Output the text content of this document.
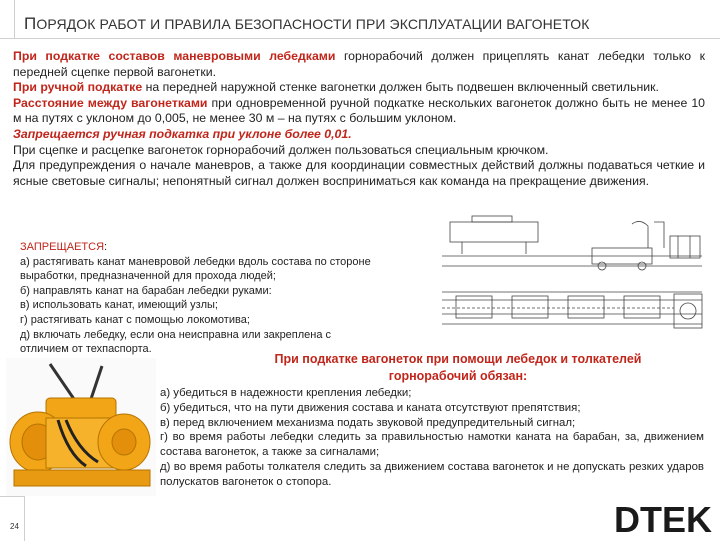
ПОРЯДОК РАБОТ И ПРАВИЛА БЕЗОПАСНОСТИ ПРИ ЭКСПЛУАТАЦИИ ВАГОНЕТОК

При подкатке составов маневровыми лебедками горнорабочий должен прицеплять канат лебедки только к передней сцепке первой вагонетки.

При ручной подкатке на передней наружной стенке вагонетки должен быть подвешен включенный светильник.

Расстояние между вагонетками при одновременной ручной подкатке нескольких вагонеток должно быть не менее 10 м на путях с уклоном до 0,005, не менее 30 м – на путях с большим уклоном.

Запрещается ручная подкатка при уклоне более 0,01.

При сцепке и расцепке вагонеток горнорабочий должен пользоваться специальным крючком.

Для предупреждения о начале маневров, а также для координации совместных действий должны подаваться четкие и ясные световые сигналы; непонятный сигнал должен восприниматься как команда на прекращение движения.

ЗАПРЕЩАЕТСЯ:
а) растягивать канат маневровой лебедки вдоль состава по стороне
выработки, предназначенной для прохода людей;
б) направлять канат на барабан лебедки руками:
в) использовать канат, имеющий узлы;
г) растягивать канат с помощью локомотива;
д) включать лебедку, если она неисправна или закреплена с
отличием от техпаспорта.
При подкатке вагонеток при помощи лебедок и толкателей
горнорабочий обязан:
а) убедиться в надежности крепления лебедки;
б) убедиться, что на пути движения состава и каната отсутствуют препятствия;
в) перед включением механизма подать звуковой предупредительный сигнал;
г) во время работы лебедки следить за правильностью намотки каната на барабан, за, движением состава вагонеток, а также за сигналами;
д) во время работы толкателя следить за движением состава вагонеток и не допускать резких ударов полускатов вагонеток о стопора.
24	DTEK
